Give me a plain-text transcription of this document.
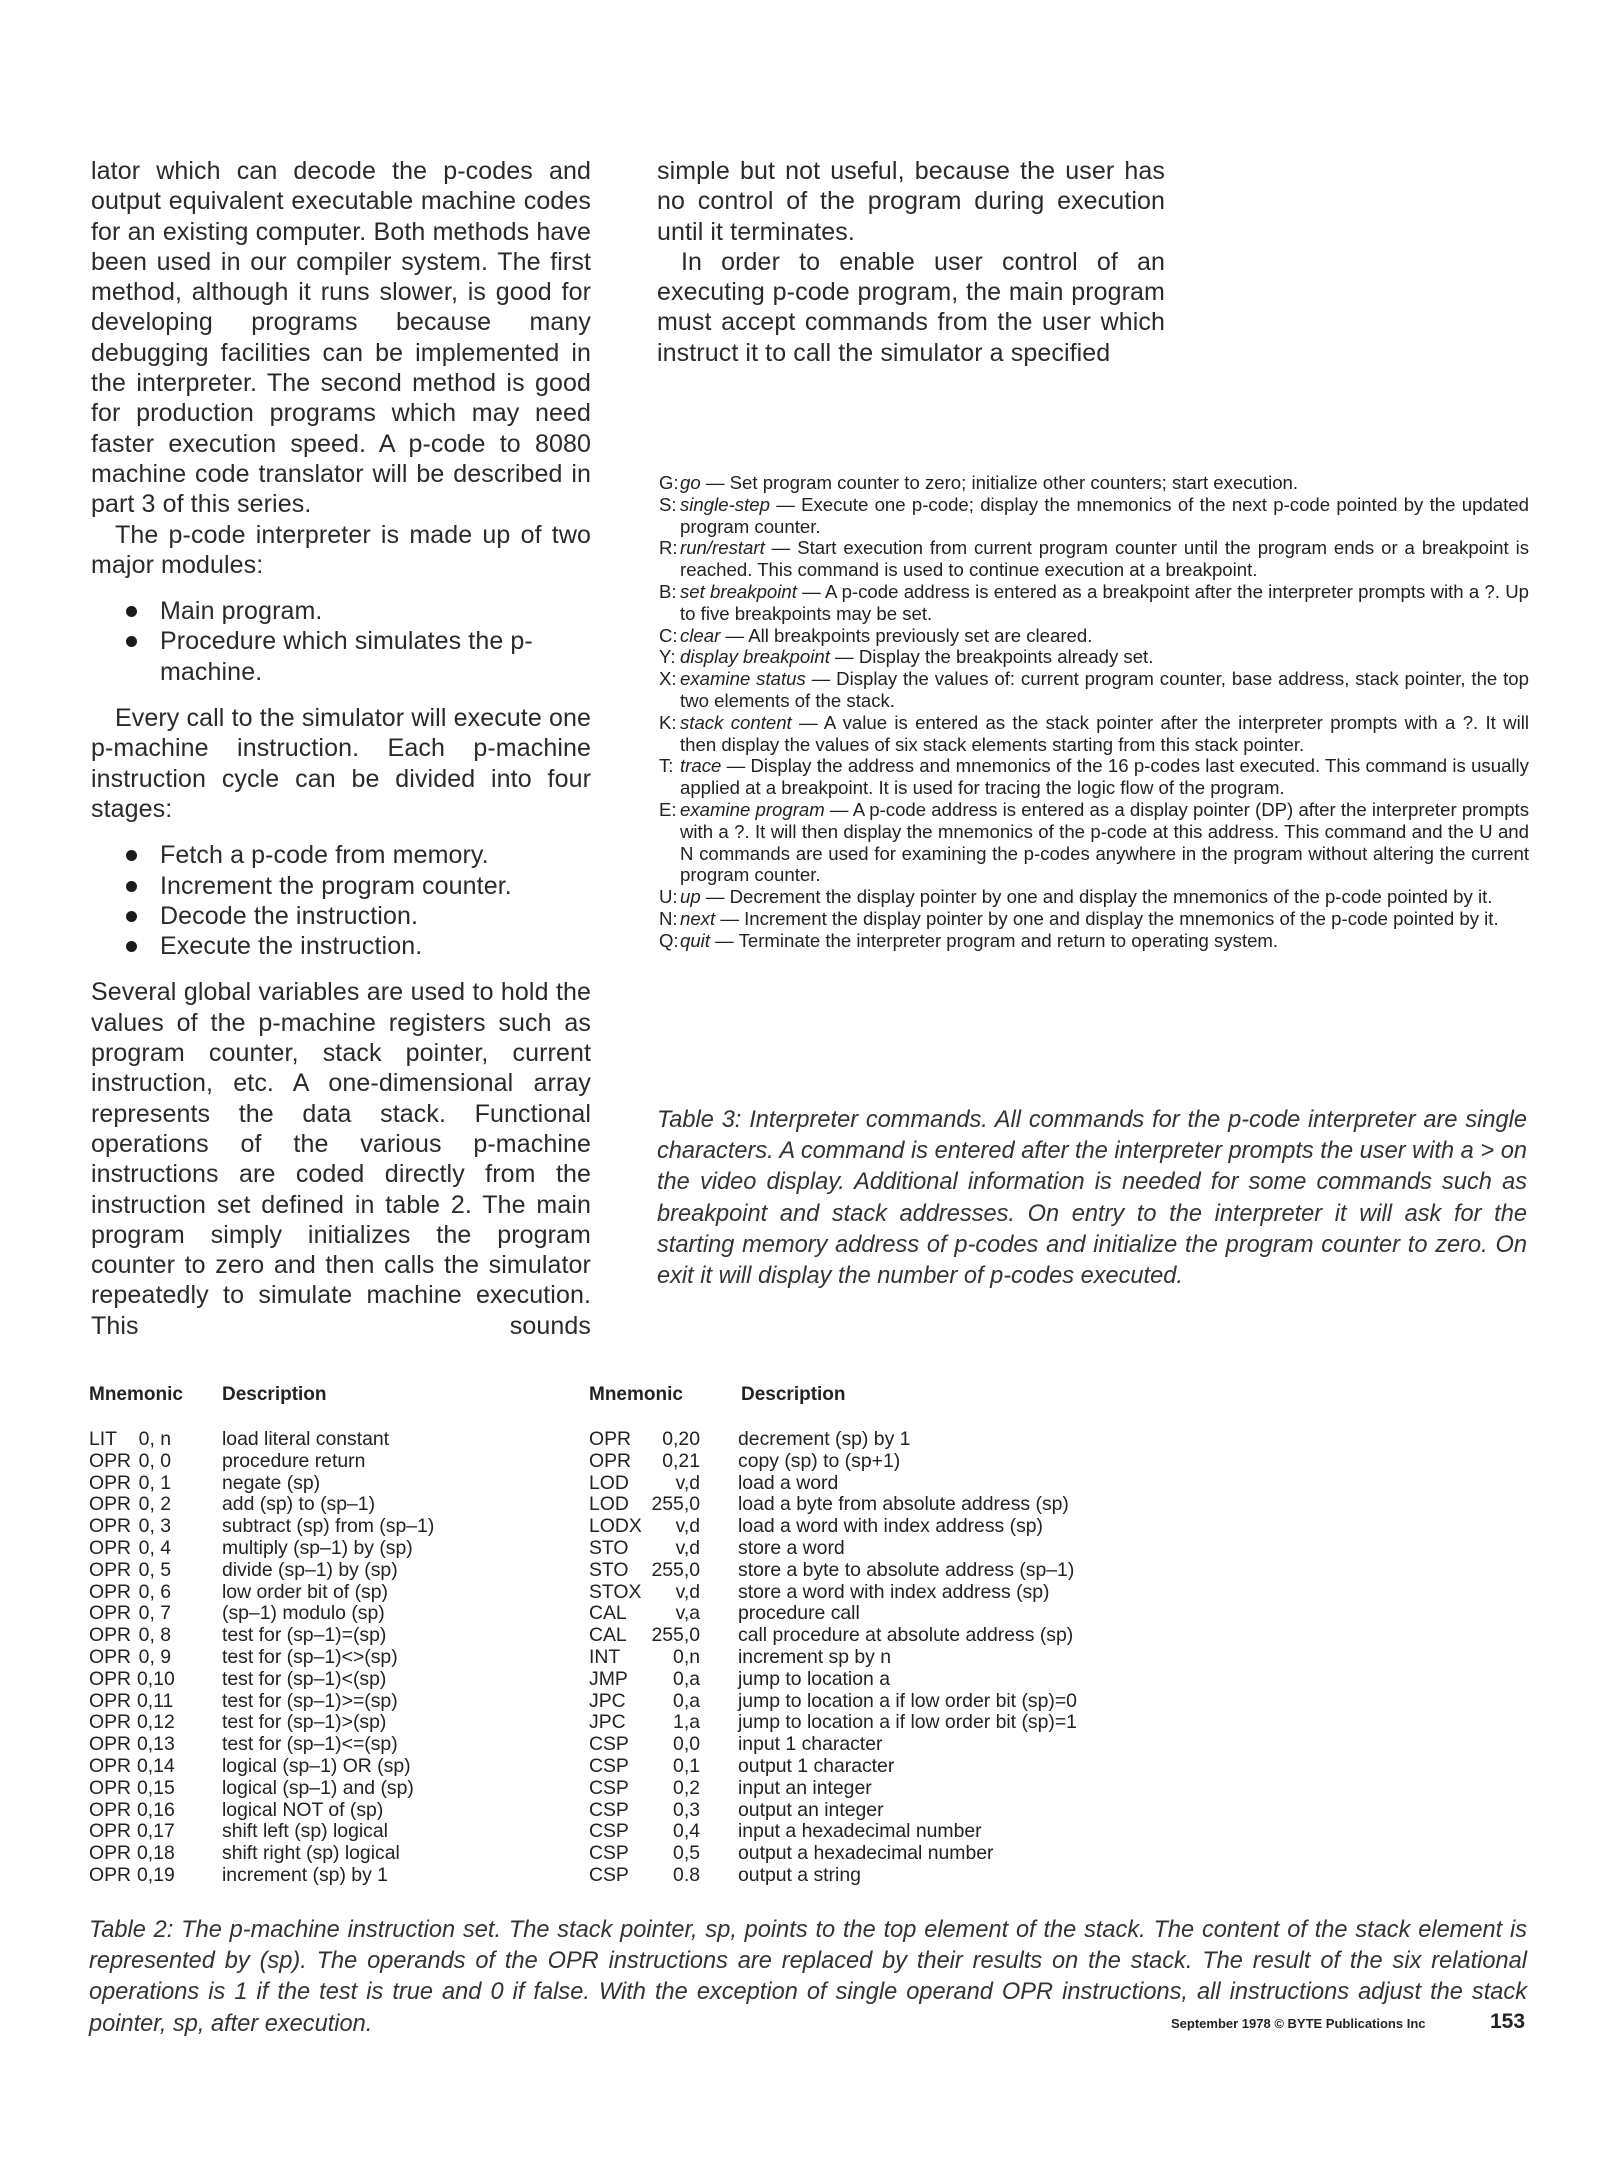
lator which can decode the p-codes and output equivalent executable machine codes for an existing computer. Both methods have been used in our compiler system. The first method, although it runs slower, is good for developing programs because many debugging facilities can be implemented in the interpreter. The second method is good for production programs which may need faster execution speed. A p-code to 8080 machine code translator will be described in part 3 of this series.

The p-code interpreter is made up of two major modules:

Main program.
Procedure which simulates the p-machine.

Every call to the simulator will execute one p-machine instruction. Each p-machine instruction cycle can be divided into four stages:

Fetch a p-code from memory.
Increment the program counter.
Decode the instruction.
Execute the instruction.

Several global variables are used to hold the values of the p-machine registers such as program counter, stack pointer, current instruction, etc. A one-dimensional array represents the data stack. Functional operations of the various p-machine instructions are coded directly from the instruction set defined in table 2. The main program simply initializes the program counter to zero and then calls the simulator repeatedly to simulate machine execution. This sounds

simple but not useful, because the user has no control of the program during execution until it terminates.

In order to enable user control of an executing p-code program, the main program must accept commands from the user which instruct it to call the simulator a specified

G: go — Set program counter to zero; initialize other counters; start execution.
S: single-step — Execute one p-code; display the mnemonics of the next p-code pointed by the updated program counter.
R: run/restart — Start execution from current program counter until the program ends or a breakpoint is reached. This command is used to continue execution at a breakpoint.
B: set breakpoint — A p-code address is entered as a breakpoint after the interpreter prompts with a ?. Up to five breakpoints may be set.
C: clear — All breakpoints previously set are cleared.
Y: display breakpoint — Display the breakpoints already set.
X: examine status — Display the values of: current program counter, base address, stack pointer, the top two elements of the stack.
K: stack content — A value is entered as the stack pointer after the interpreter prompts with a ?. It will then display the values of six stack elements starting from this stack pointer.
T: trace — Display the address and mnemonics of the 16 p-codes last executed. This command is usually applied at a breakpoint. It is used for tracing the logic flow of the program.
E: examine program — A p-code address is entered as a display pointer (DP) after the interpreter prompts with a ?. It will then display the mnemonics of the p-code at this address. This command and the U and N commands are used for examining the p-codes anywhere in the program without altering the current program counter.
U: up — Decrement the display pointer by one and display the mnemonics of the p-code pointed by it.
N: next — Increment the display pointer by one and display the mnemonics of the p-code pointed by it.
Q: quit — Terminate the interpreter program and return to operating system.

Table 3: Interpreter commands. All commands for the p-code interpreter are single characters. A command is entered after the interpreter prompts the user with a > on the video display. Additional information is needed for some commands such as breakpoint and stack addresses. On entry to the interpreter it will ask for the starting memory address of p-codes and initialize the program counter to zero. On exit it will display the number of p-codes executed.

Mnemonic Description
LIT 0, n	load literal constant
OPR 0, 0	procedure return
OPR 0, 1	negate (sp)
OPR 0, 2	add (sp) to (sp–1)
OPR 0, 3	subtract (sp) from (sp–1)
OPR 0, 4	multiply (sp–1) by (sp)
OPR 0, 5	divide (sp–1) by (sp)
OPR 0, 6	low order bit of (sp)
OPR 0, 7	(sp–1) modulo (sp)
OPR 0, 8	test for (sp–1)=(sp)
OPR 0, 9	test for (sp–1)<>(sp)
OPR 0,10 test for (sp–1)<(sp)
OPR 0,11	test for (sp–1)>=(sp)
OPR 0,12 test for (sp–1)>(sp)
OPR 0,13 test for (sp–1)<=(sp)
OPR 0,14 logical (sp–1) OR (sp)
OPR 0,15 logical (sp–1) and (sp)
OPR 0,16 logical NOT of (sp)
OPR 0,17 shift left (sp) logical
OPR 0,18 shift right (sp) logical
OPR 0,19 increment (sp) by 1
Mnemonic	Description
OPR	0,20 decrement (sp) by 1
OPR	0,21 copy (sp) to (sp+1)
LOD	v,d load a word
LOD	255,0 load a byte from absolute address (sp)
LODX	v,d load a word with index address (sp)
STO	v,d store a word
STO	255,0 store a byte to absolute address (sp–1)
STOX	v,d store a word with index address (sp)
CAL	v,a procedure call
CAL	255,0 call procedure at absolute address (sp)
INT	0,n increment sp by n
JMP	0,a jump to location a
JPC	0,a jump to location a if low order bit (sp)=0
JPC	1,a jump to location a if low order bit (sp)=1
CSP	0,0 input 1 character
CSP	0,1 output 1 character
CSP	0,2 input an integer
CSP	0,3 output an integer
CSP	0,4 input a hexadecimal number
CSP	0,5 output a hexadecimal number
CSP	0.8 output a string

Table 2: The p-machine instruction set. The stack pointer, sp, points to the top element of the stack. The content of the stack element is represented by (sp). The operands of the OPR instructions are replaced by their results on the stack. The result of the six relational operations is 1 if the test is true and 0 if false. With the exception of single operand OPR instructions, all instructions adjust the stack pointer, sp, after execution.	September 1978 © BYTE Publications Inc	153
